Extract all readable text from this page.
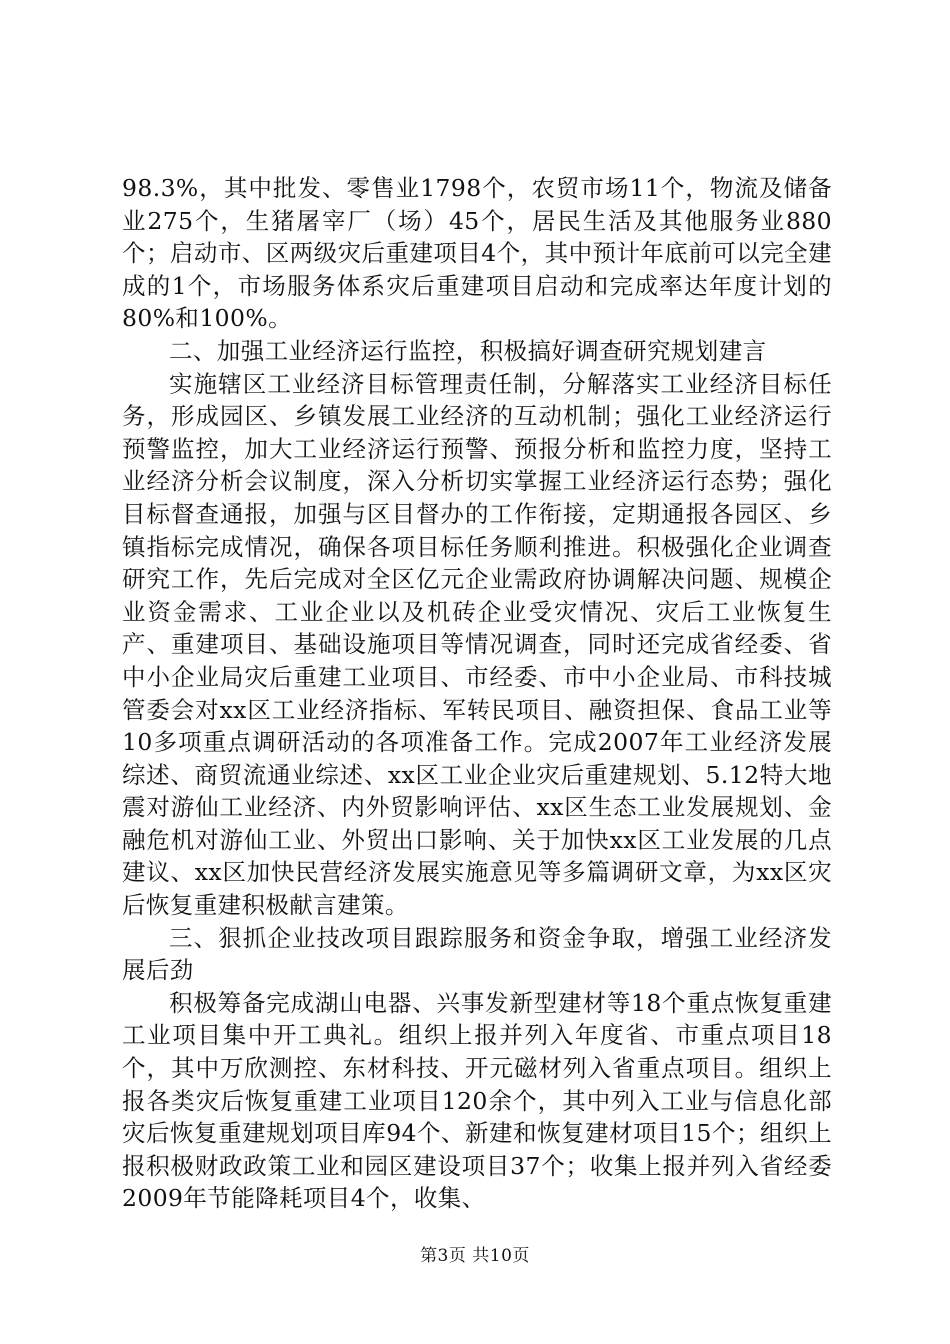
98.3%，其中批发、零售业1798个，农贸市场11个，物流及储备业275个，生猪屠宰厂（场）45个，居民生活及其他服务业880个；启动市、区两级灾后重建项目4个，其中预计年底前可以完全建成的1个，市场服务体系灾后重建项目启动和完成率达年度计划的80%和100%。

二、加强工业经济运行监控，积极搞好调查研究规划建言

实施辖区工业经济目标管理责任制，分解落实工业经济目标任务，形成园区、乡镇发展工业经济的互动机制；强化工业经济运行预警监控，加大工业经济运行预警、预报分析和监控力度，坚持工业经济分析会议制度，深入分析切实掌握工业经济运行态势；强化目标督查通报，加强与区目督办的工作衔接，定期通报各园区、乡镇指标完成情况，确保各项目标任务顺利推进。积极强化企业调查研究工作，先后完成对全区亿元企业需政府协调解决问题、规模企业资金需求、工业企业以及机砖企业受灾情况、灾后工业恢复生产、重建项目、基础设施项目等情况调查，同时还完成省经委、省中小企业局灾后重建工业项目、市经委、市中小企业局、市科技城管委会对xx区工业经济指标、军转民项目、融资担保、食品工业等10多项重点调研活动的各项准备工作。完成2007年工业经济发展综述、商贸流通业综述、xx区工业企业灾后重建规划、5.12特大地震对游仙工业经济、内外贸影响评估、xx区生态工业发展规划、金融危机对游仙工业、外贸出口影响、关于加快xx区工业发展的几点建议、xx区加快民营经济发展实施意见等多篇调研文章，为xx区灾后恢复重建积极献言建策。

三、狠抓企业技改项目跟踪服务和资金争取，增强工业经济发展后劲

积极筹备完成湖山电器、兴事发新型建材等18个重点恢复重建工业项目集中开工典礼。组织上报并列入年度省、市重点项目18个，其中万欣测控、东材科技、开元磁材列入省重点项目。组织上报各类灾后恢复重建工业项目120余个，其中列入工业与信息化部灾后恢复重建规划项目库94个、新建和恢复建材项目15个；组织上报积极财政政策工业和园区建设项目37个；收集上报并列入省经委2009年节能降耗项目4个，收集、

第3页 共10页
